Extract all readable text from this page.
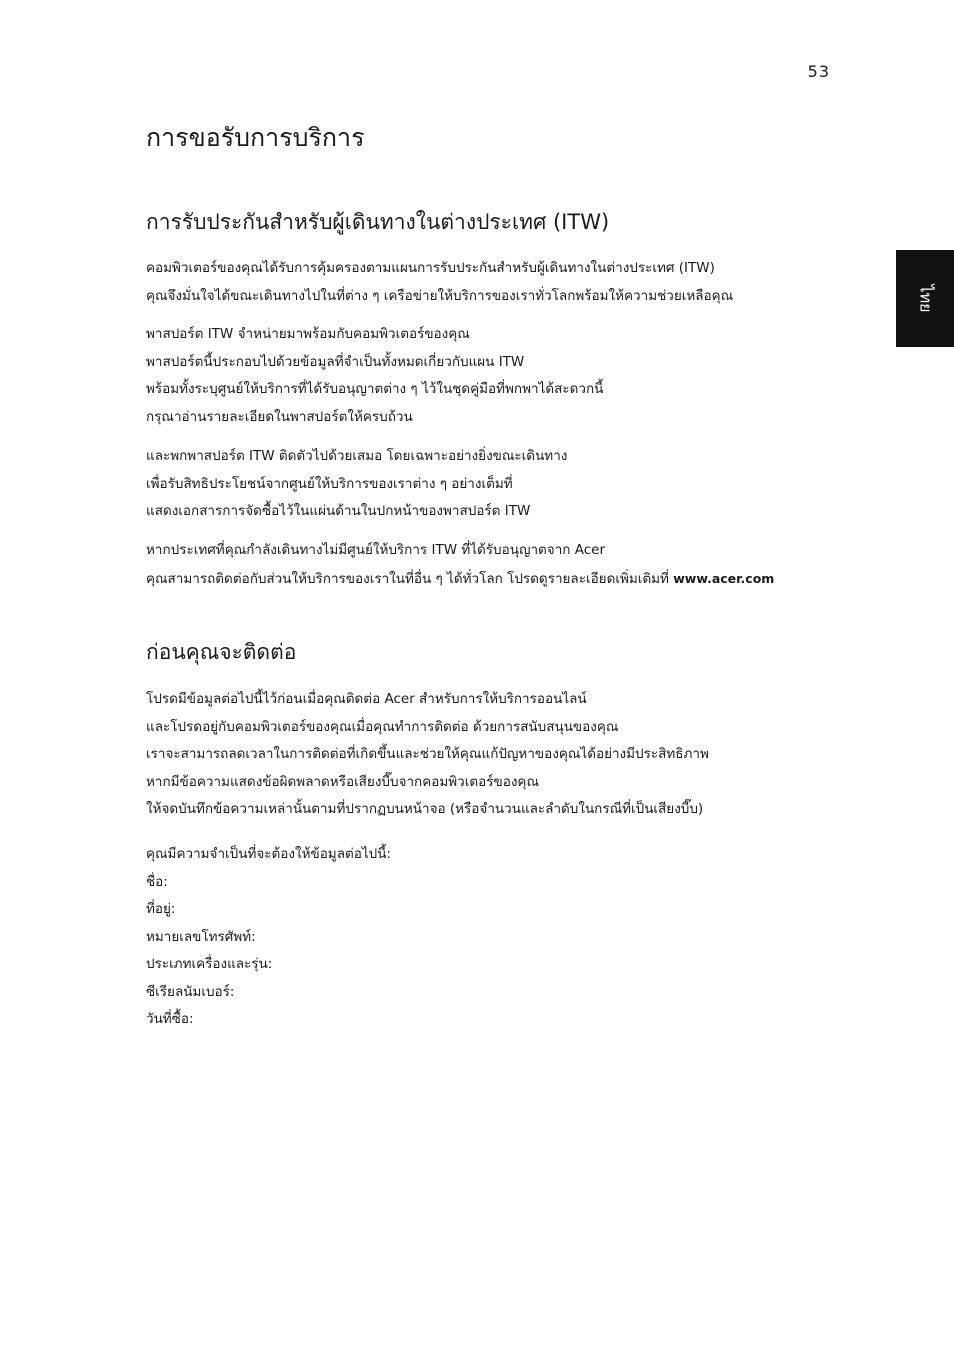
53
ไทย
การขอรับการบริการ
การรับประกันสำหรับผู้เดินทางในต่างประเทศ (ITW)

คอมพิวเตอร์ของคุณได้รับการคุ้มครองตามแผนการรับประกันสำหรับผู้เดินทางในต่างประเทศ (ITW)
คุณจึงมั่นใจได้ขณะเดินทางไปในที่ต่าง ๆ เครือข่ายให้บริการของเราทั่วโลกพร้อมให้ความช่วยเหลือคุณ

พาสปอร์ต ITW จำหน่ายมาพร้อมกับคอมพิวเตอร์ของคุณ
พาสปอร์ตนี้ประกอบไปด้วยข้อมูลที่จำเป็นทั้งหมดเกี่ยวกับแผน ITW
พร้อมทั้งระบุศูนย์ให้บริการที่ได้รับอนุญาตต่าง ๆ ไว้ในชุดคู่มือที่พกพาได้สะดวกนี้
กรุณาอ่านรายละเอียดในพาสปอร์ตให้ครบถ้วน

และพกพาสปอร์ต ITW ติดตัวไปด้วยเสมอ โดยเฉพาะอย่างยิ่งขณะเดินทาง
เพื่อรับสิทธิประโยชน์จากศูนย์ให้บริการของเราต่าง ๆ อย่างเต็มที่
แสดงเอกสารการจัดซื้อไว้ในแผ่นด้านในปกหน้าของพาสปอร์ต ITW

หากประเทศที่คุณกำลังเดินทางไม่มีศูนย์ให้บริการ ITW ที่ได้รับอนุญาตจาก Acer
คุณสามารถติดต่อกับส่วนให้บริการของเราในที่อื่น ๆ ได้ทั่วโลก โปรดดูรายละเอียดเพิ่มเติมที่ www.acer.com

ก่อนคุณจะติดต่อ

โปรดมีข้อมูลต่อไปนี้ไว้ก่อนเมื่อคุณติดต่อ Acer สำหรับการให้บริการออนไลน์
และโปรดอยู่กับคอมพิวเตอร์ของคุณเมื่อคุณทำการติดต่อ ด้วยการสนับสนุนของคุณ
เราจะสามารถลดเวลาในการติดต่อที่เกิดขึ้นและช่วยให้คุณแก้ปัญหาของคุณได้อย่างมีประสิทธิภาพ
หากมีข้อความแสดงข้อผิดพลาดหรือเสียงบี๊บจากคอมพิวเตอร์ของคุณ
ให้จดบันทึกข้อความเหล่านั้นตามที่ปรากฏบนหน้าจอ (หรือจำนวนและลำดับในกรณีที่เป็นเสียงบี๊บ)

คุณมีความจำเป็นที่จะต้องให้ข้อมูลต่อไปนี้:
ชื่อ:
ที่อยู่:
หมายเลขโทรศัพท์:
ประเภทเครื่องและรุ่น:
ซีเรียลนัมเบอร์:
วันที่ซื้อ:
